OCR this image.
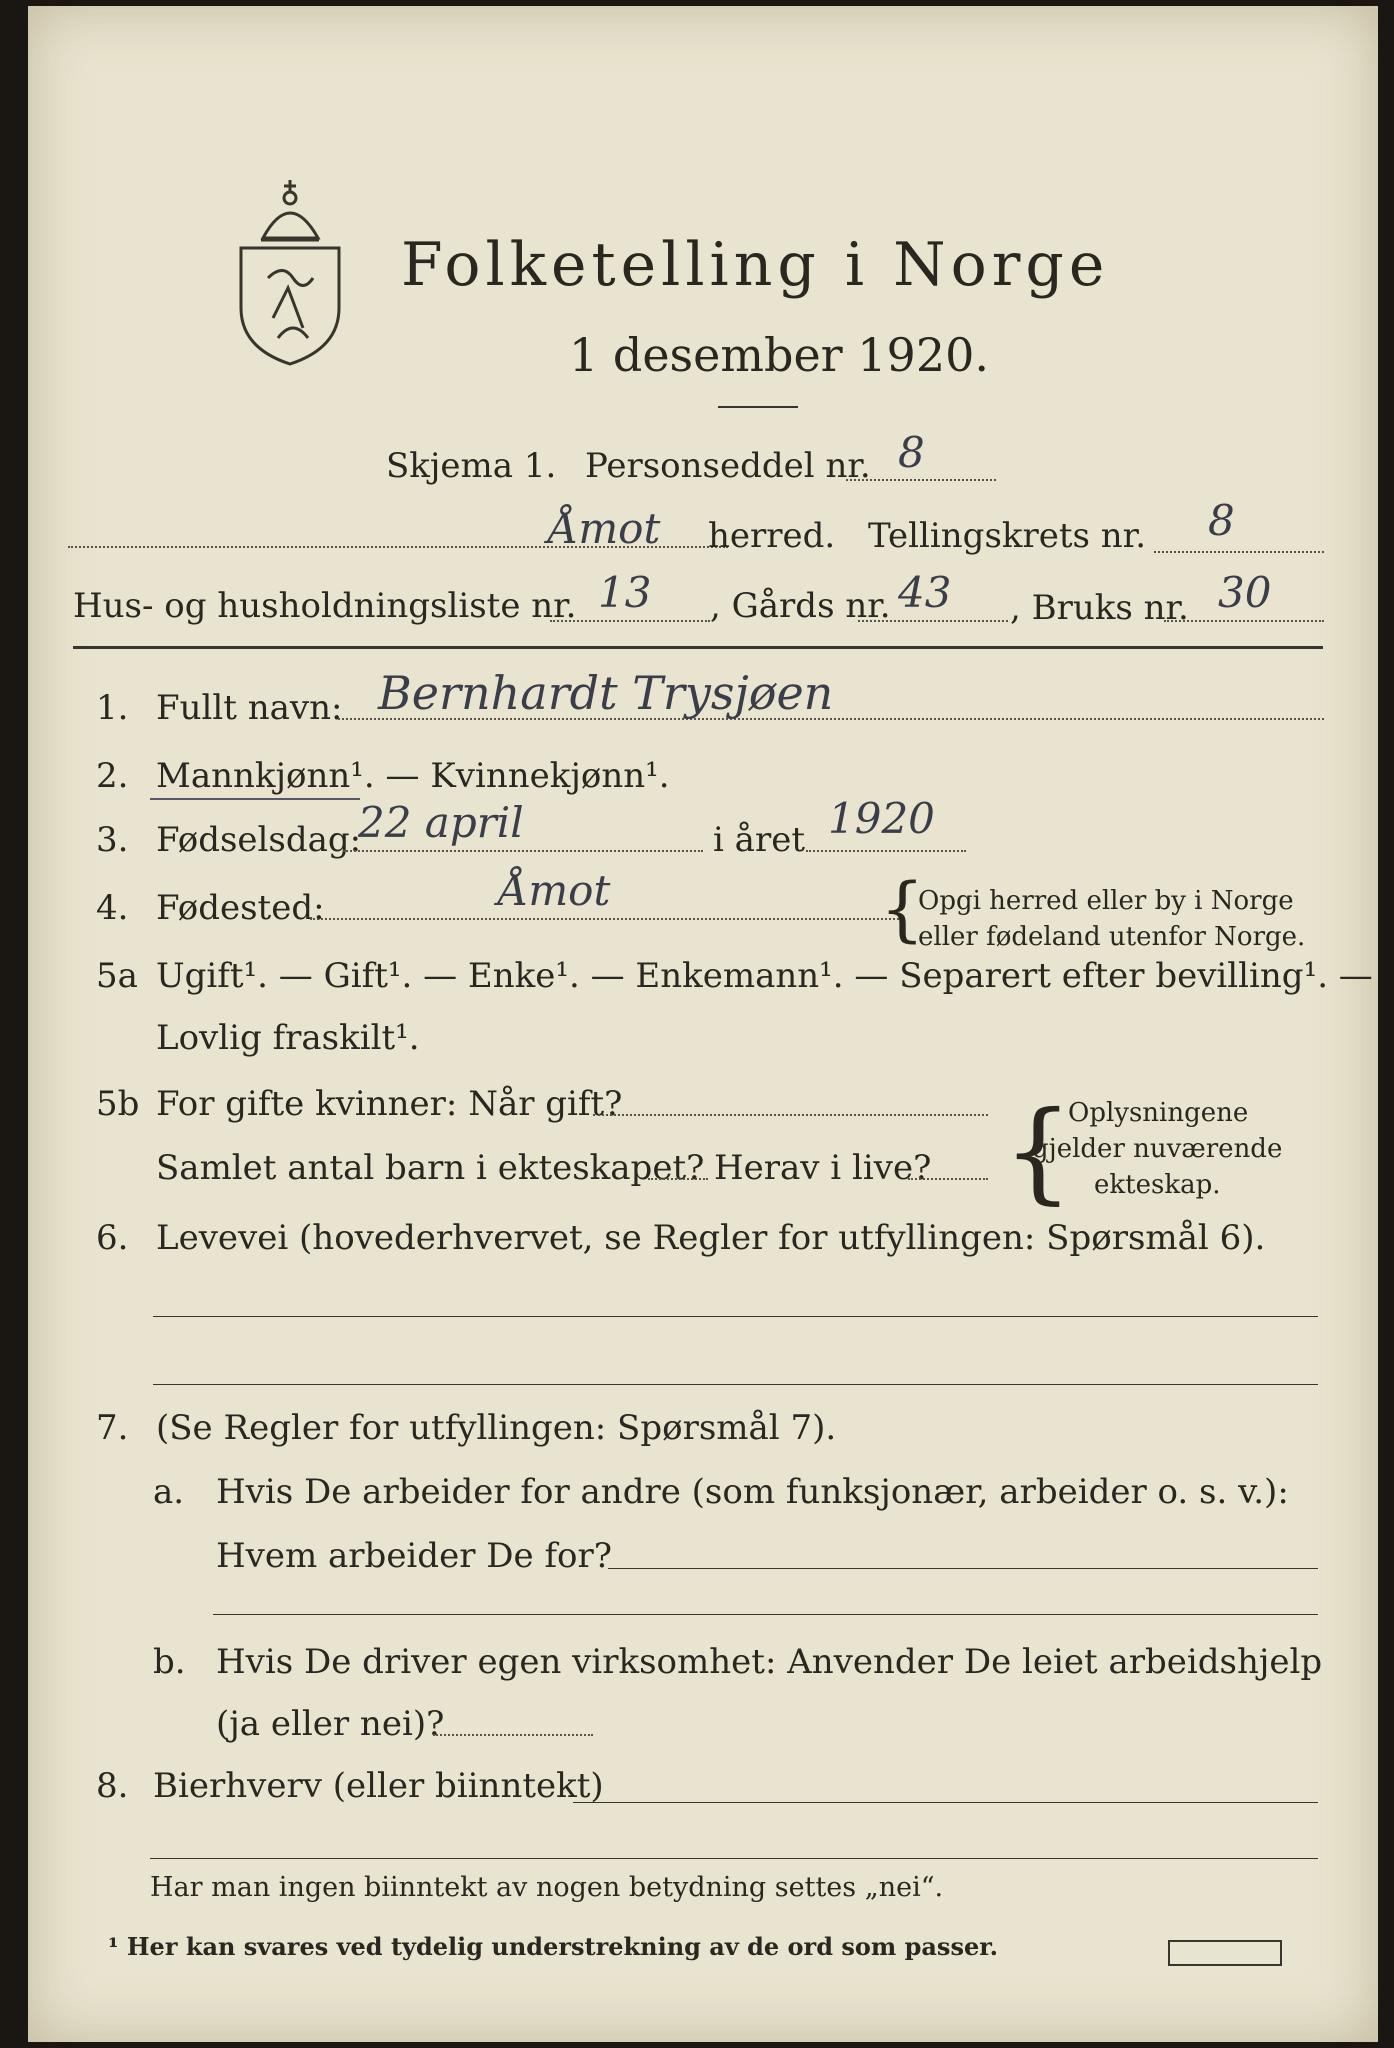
Folketelling i Norge
1 desember 1920.
Skjema 1. Personseddel nr. 8
Åmot herred. Tellingskrets nr. 8
Hus- og husholdningsliste nr. 13 , Gårds nr. 43 , Bruks nr. 30
1. Fullt navn: Bernhardt Trysjøen
2. Mannkjønn¹. — Kvinnekjønn¹.
3. Fødselsdag:
22 april	i året 1920
4. Fødested:	Åmot	{
Opgi herred eller by i Norge
eller fødeland utenfor Norge.
5a Ugift¹. — Gift¹. — Enke¹. — Enkemann¹. — Separert efter bevilling¹. —
Lovlig fraskilt¹.
5b For gifte kvinner: Når gift?
Samlet antal barn i ekteskapet? Herav i live? {
Oplysningene
gjelder nuværende
ekteskap.
6. Levevei (hovederhvervet, se Regler for utfyllingen: Spørsmål 6).
7. (Se Regler for utfyllingen: Spørsmål 7).
a. Hvis De arbeider for andre (som funksjonær, arbeider o. s. v.):
Hvem arbeider De for?
b. Hvis De driver egen virksomhet: Anvender De leiet arbeidshjelp
(ja eller nei)?
8. Bierhverv (eller biinntekt)
Har man ingen biinntekt av nogen betydning settes „nei“.
¹ Her kan svares ved tydelig understrekning av de ord som passer.
